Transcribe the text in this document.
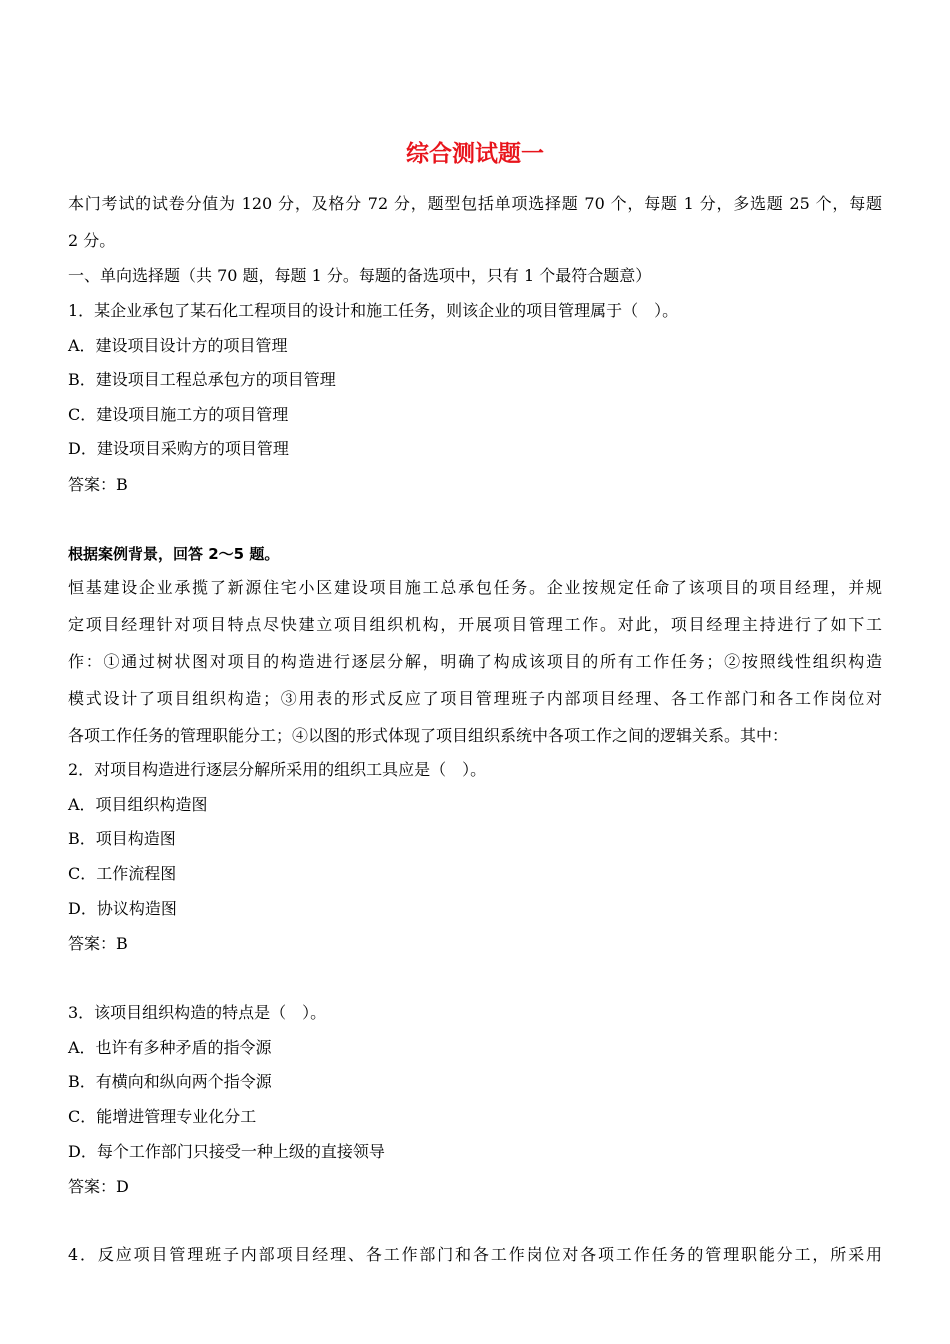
综合测试题一
本门考试的试卷分值为 120 分，及格分 72 分，题型包括单项选择题 70 个，每题 1 分，多选题 25 个，每题
2 分。
一、单向选择题（共 70 题，每题 1 分。每题的备选项中，只有 1 个最符合题意）
1．某企业承包了某石化工程项目的设计和施工任务，则该企业的项目管理属于（　）。
A．建设项目设计方的项目管理
B．建设项目工程总承包方的项目管理
C．建设项目施工方的项目管理
D．建设项目采购方的项目管理
答案：B
根据案例背景，回答 2～5 题。
恒基建设企业承揽了新源住宅小区建设项目施工总承包任务。企业按规定任命了该项目的项目经理，并规
定项目经理针对项目特点尽快建立项目组织机构，开展项目管理工作。对此，项目经理主持进行了如下工
作：①通过树状图对项目的构造进行逐层分解，明确了构成该项目的所有工作任务；②按照线性组织构造
模式设计了项目组织构造；③用表的形式反应了项目管理班子内部项目经理、各工作部门和各工作岗位对
各项工作任务的管理职能分工；④以图的形式体现了项目组织系统中各项工作之间的逻辑关系。其中：
2．对项目构造进行逐层分解所采用的组织工具应是（　）。
A．项目组织构造图
B．项目构造图
C．工作流程图
D．协议构造图
答案：B
3．该项目组织构造的特点是（　）。
A．也许有多种矛盾的指令源
B．有横向和纵向两个指令源
C．能增进管理专业化分工
D．每个工作部门只接受一种上级的直接领导
答案：D
4．反应项目管理班子内部项目经理、各工作部门和各工作岗位对各项工作任务的管理职能分工，所采用
